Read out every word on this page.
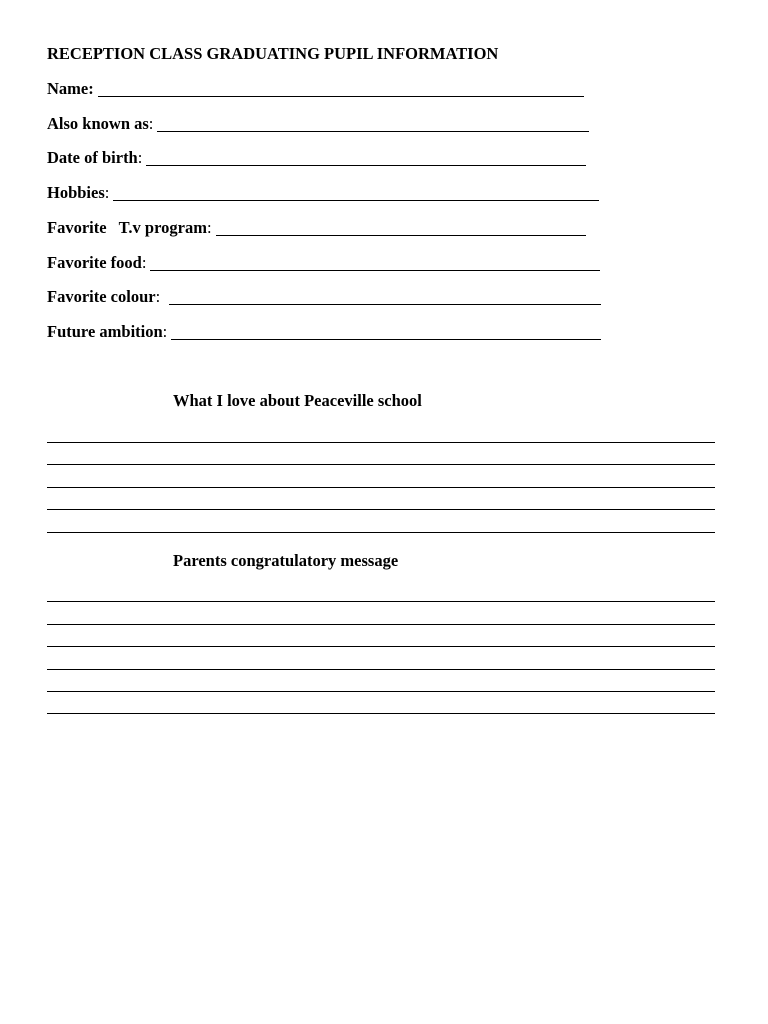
RECEPTION CLASS GRADUATING PUPIL INFORMATION
Name:
Also known as:
Date of birth:
Hobbies:
Favorite   T.v program:
Favorite food:
Favorite colour:
Future ambition:
What I love about Peaceville school
Parents congratulatory message
